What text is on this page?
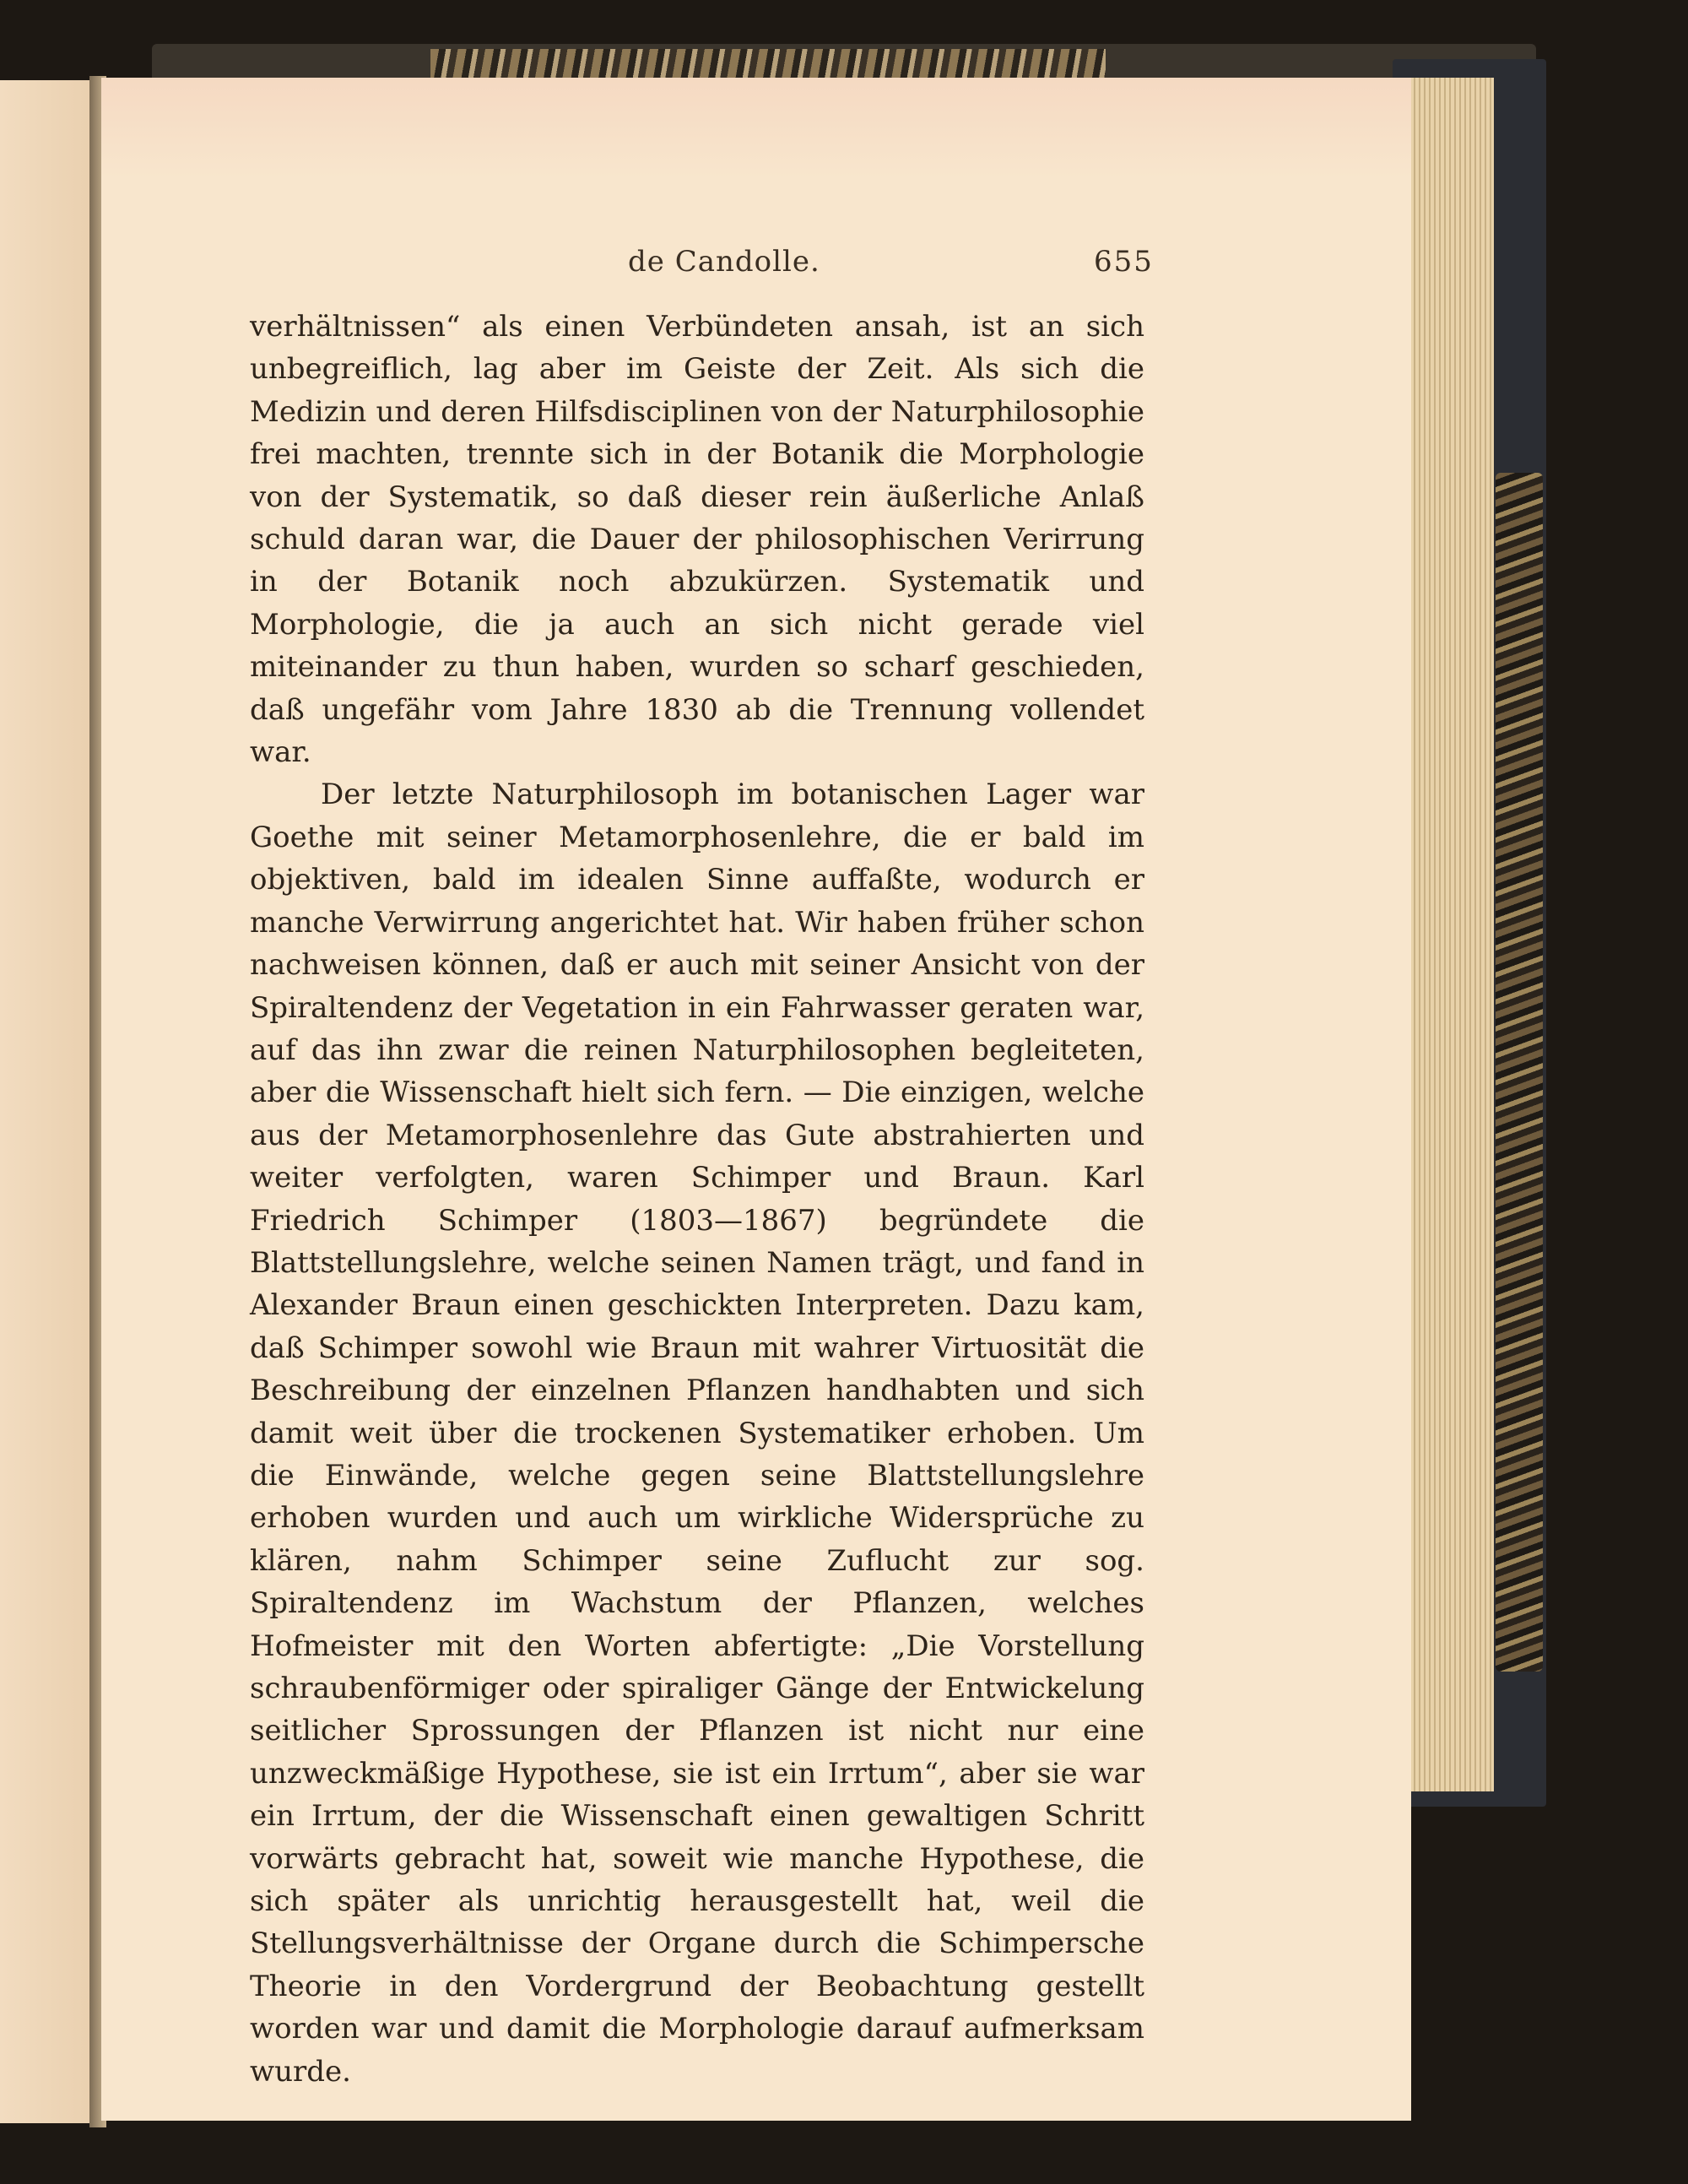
de Candolle.	655

verhältnissen“ als einen Verbündeten ansah, ist an sich unbegreiflich, lag aber im Geiste der Zeit. Als sich die Medizin und deren Hilfsdisciplinen von der Naturphilosophie frei machten, trennte sich in der Botanik die Morphologie von der Systematik, so daß dieser rein äußerliche Anlaß schuld daran war, die Dauer der philosophischen Verirrung in der Botanik noch abzukürzen. Systematik und Morphologie, die ja auch an sich nicht gerade viel miteinander zu thun haben, wurden so scharf geschieden, daß ungefähr vom Jahre 1830 ab die Trennung vollendet war.

Der letzte Naturphilosoph im botanischen Lager war Goethe mit seiner Metamorphosenlehre, die er bald im objektiven, bald im idealen Sinne auffaßte, wodurch er manche Verwirrung angerichtet hat. Wir haben früher schon nachweisen können, daß er auch mit seiner Ansicht von der Spiraltendenz der Vegetation in ein Fahrwasser geraten war, auf das ihn zwar die reinen Naturphilosophen begleiteten, aber die Wissenschaft hielt sich fern. — Die einzigen, welche aus der Metamorphosenlehre das Gute abstrahierten und weiter verfolgten, waren Schimper und Braun. Karl Friedrich Schimper (1803—1867) begründete die Blattstellungslehre, welche seinen Namen trägt, und fand in Alexander Braun einen geschickten Interpreten. Dazu kam, daß Schimper sowohl wie Braun mit wahrer Virtuosität die Beschreibung der einzelnen Pflanzen handhabten und sich damit weit über die trockenen Systematiker erhoben. Um die Einwände, welche gegen seine Blattstellungslehre erhoben wurden und auch um wirkliche Widersprüche zu klären, nahm Schimper seine Zuflucht zur sog. Spiraltendenz im Wachstum der Pflanzen, welches Hofmeister mit den Worten abfertigte: „Die Vorstellung schraubenförmiger oder spiraliger Gänge der Entwickelung seitlicher Sprossungen der Pflanzen ist nicht nur eine unzweckmäßige Hypothese, sie ist ein Irrtum“, aber sie war ein Irrtum, der die Wissenschaft einen gewaltigen Schritt vorwärts gebracht hat, soweit wie manche Hypothese, die sich später als unrichtig herausgestellt hat, weil die Stellungsverhältnisse der Organe durch die Schimpersche Theorie in den Vordergrund der Beobachtung gestellt worden war und damit die Morphologie darauf aufmerksam wurde.
